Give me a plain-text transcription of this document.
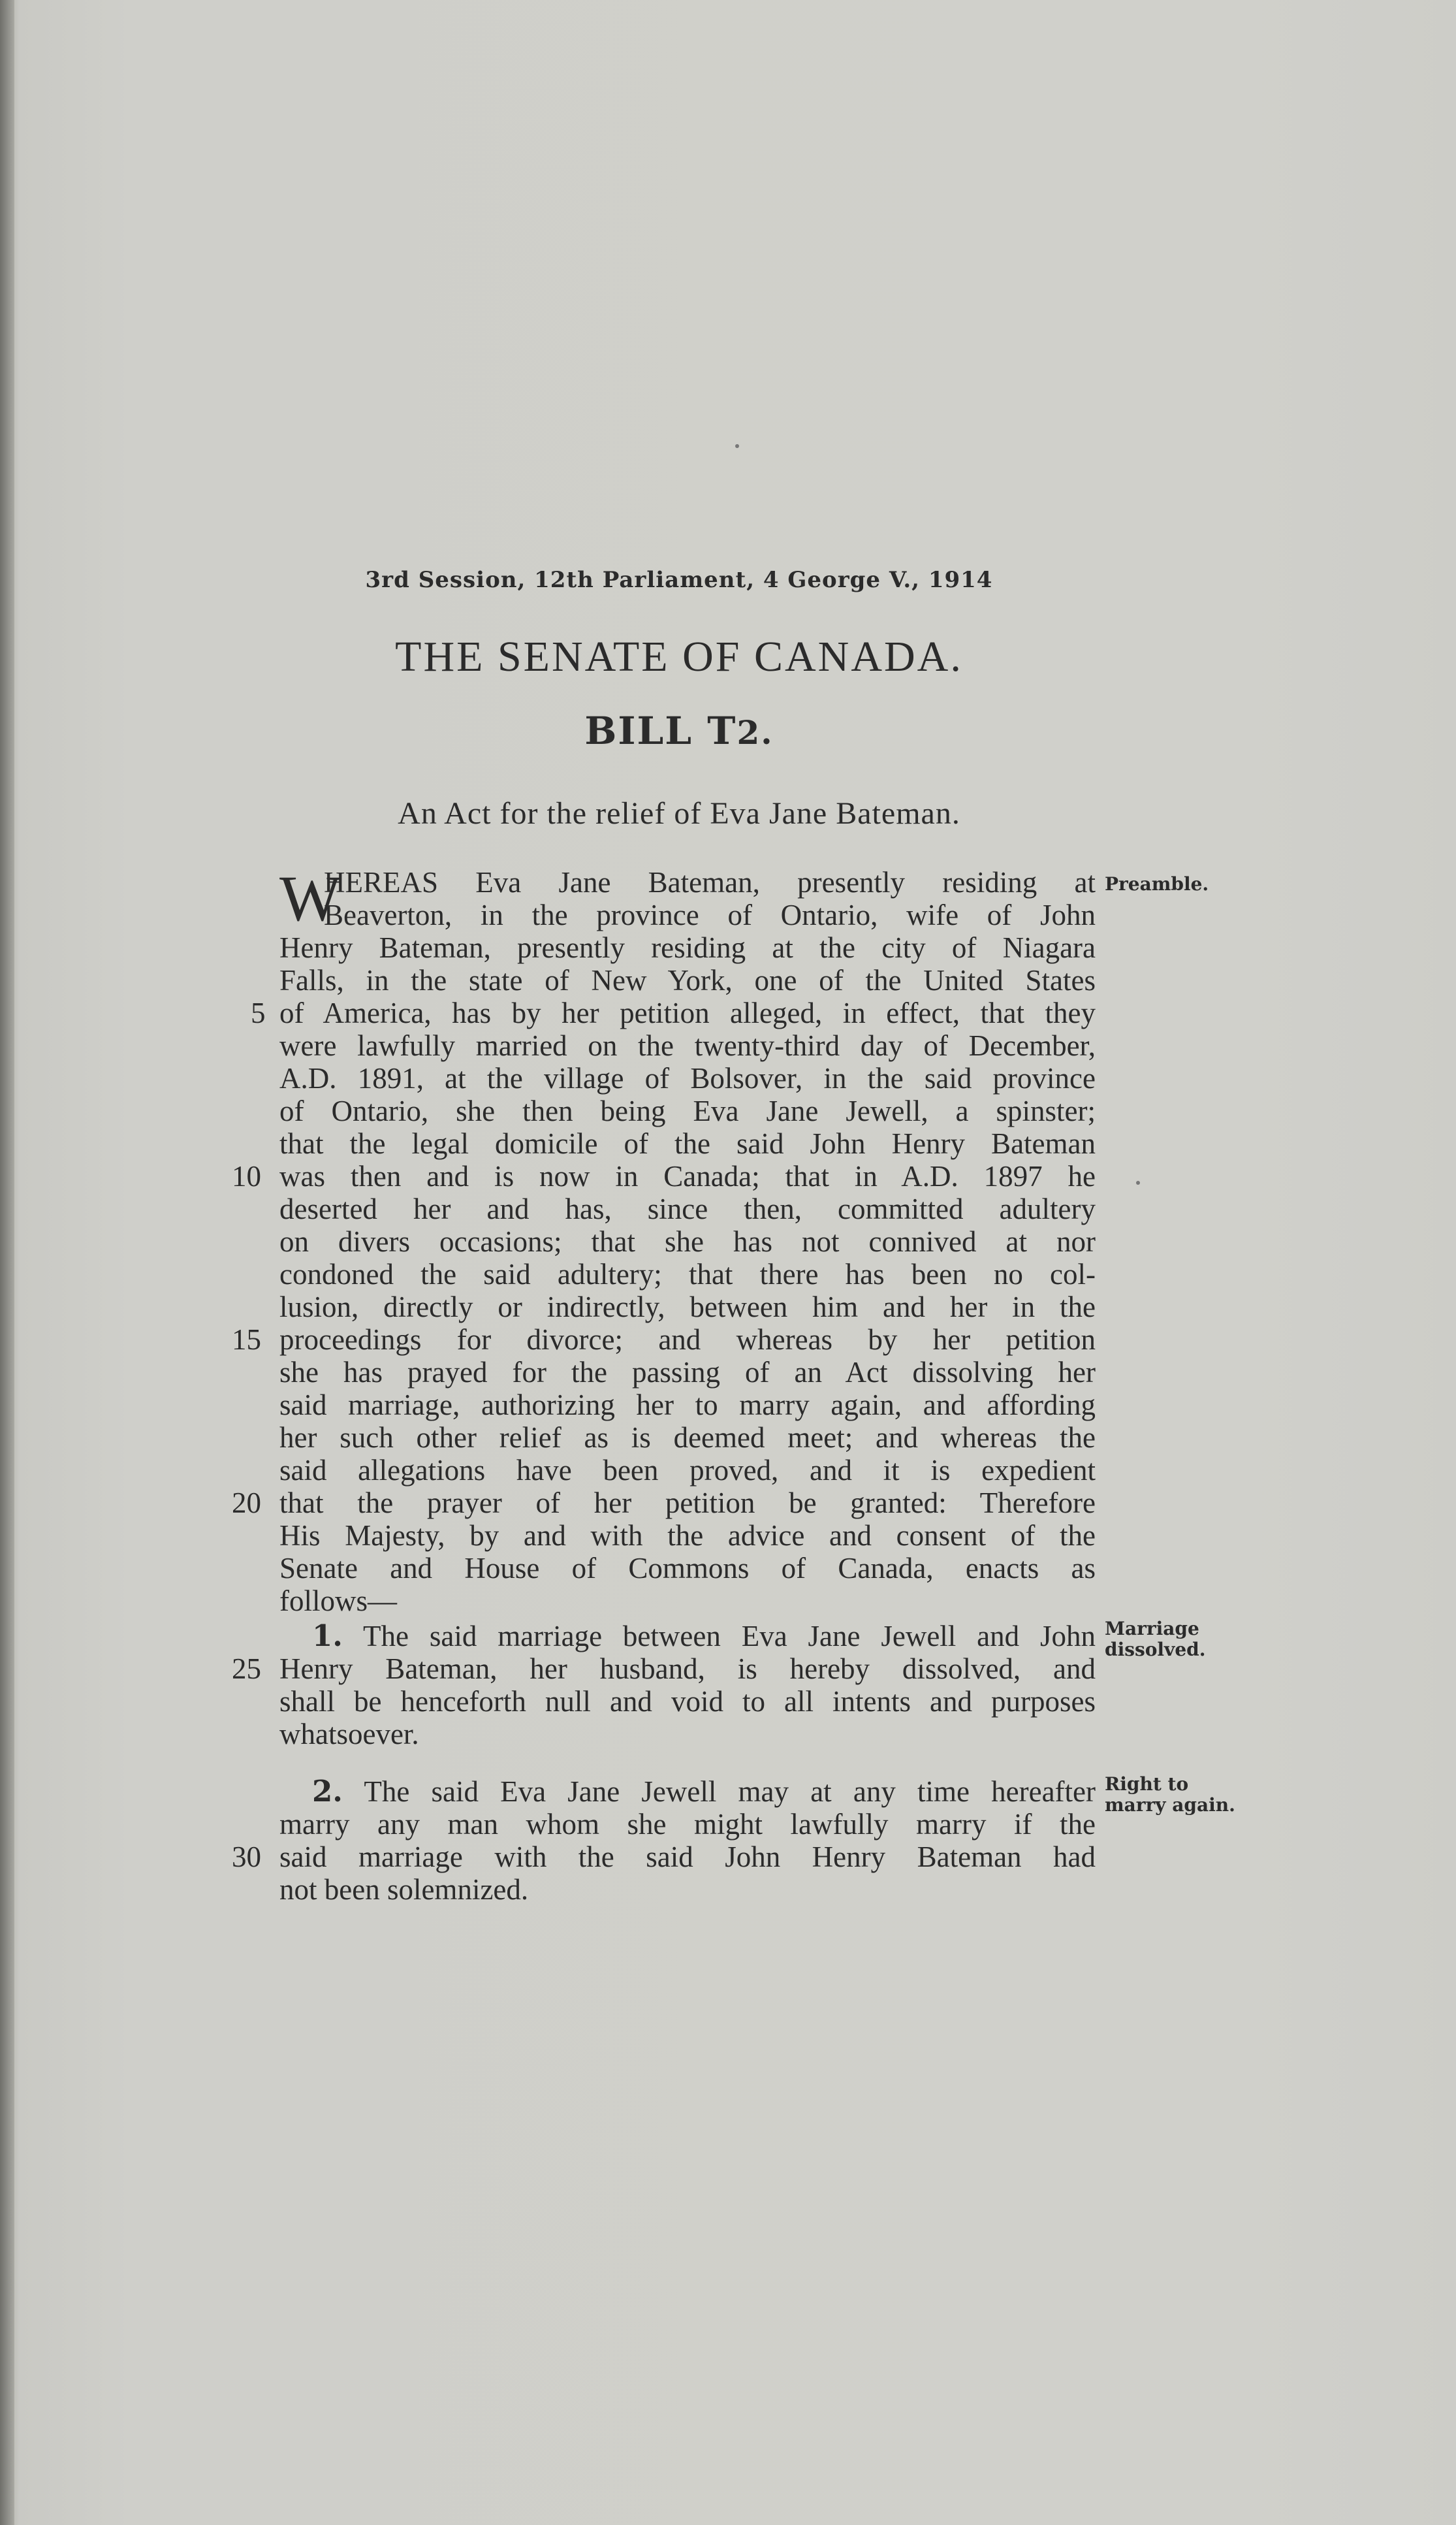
3rd Session, 12th Parliament, 4 George V., 1914
THE SENATE OF CANADA.
BILL T2.
An Act for the relief of Eva Jane Bateman.
W
HEREAS Eva Jane Bateman, presently residing at
Beaverton, in the province of Ontario, wife of John
Henry Bateman, presently residing at the city of Niagara
Falls, in the state of New York, one of the United States
of America, has by her petition alleged, in effect, that they
were lawfully married on the twenty-third day of December,
A.D. 1891, at the village of Bolsover, in the said province
of Ontario, she then being Eva Jane Jewell, a spinster;
that the legal domicile of the said John Henry Bateman
was then and is now in Canada; that in A.D. 1897 he
deserted her and has, since then, committed adultery
on divers occasions; that she has not connived at nor
condoned the said adultery; that there has been no col-
lusion, directly or indirectly, between him and her in the
proceedings for divorce; and whereas by her petition
she has prayed for the passing of an Act dissolving her
said marriage, authorizing her to marry again, and affording
her such other relief as is deemed meet; and whereas the
said allegations have been proved, and it is expedient
that the prayer of her petition be granted: Therefore
His Majesty, by and with the advice and consent of the
Senate and House of Commons of Canada, enacts as
follows—
1. The said marriage between Eva Jane Jewell and John
Henry Bateman, her husband, is hereby dissolved, and
shall be henceforth null and void to all intents and purposes
whatsoever.
2. The said Eva Jane Jewell may at any time hereafter
marry any man whom she might lawfully marry if the
said marriage with the said John Henry Bateman had
not been solemnized.
5
10
15
20
25
30
Preamble.
Marriage
dissolved.
Right to
marry again.
